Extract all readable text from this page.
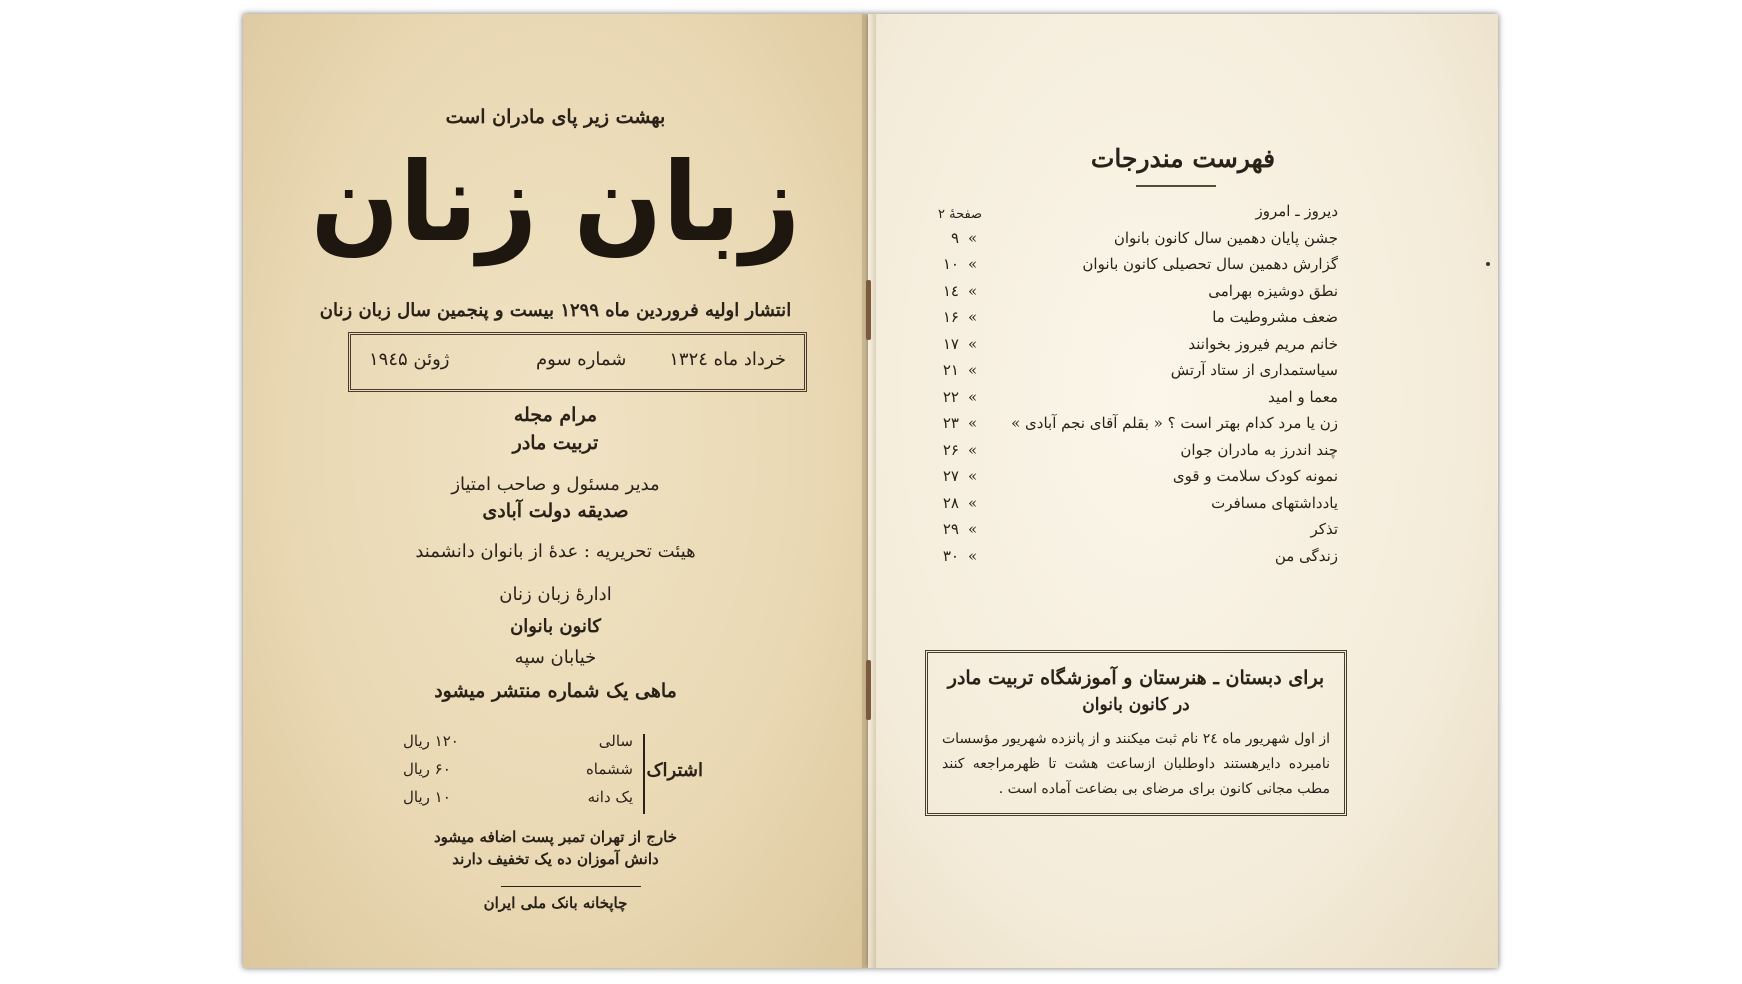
بهشت زیر پای مادران است
زبان زنان
انتشار اولیه فروردین ماه ۱۲۹۹ بیست و پنجمین سال زبان زنان
خرداد ماه ۱۳۲٤
شماره سوم
ژوئن ۱۹٤۵
مرام مجله
تربیت مادر
مدیر مسئول و صاحب امتیاز
صدیقه دولت آبادی
هیئت تحریریه : عدهٔ از بانوان دانشمند
ادارهٔ زبان زنان
کانون بانوان
خیابان سپه
ماهی یک شماره منتشر میشود
اشتراک
سالی
۱۲۰ ریال
ششماه
۶۰ ریال
یک دانه
۱۰ ریال
خارج از تهران تمبر پست اضافه میشود
دانش آموزان ده یک تخفیف دارند
چاپخانه بانک ملی ایران
فهرست مندرجات
صفحهٔ ۲	دیروز ـ امروز
جشن پایان دهمین سال کانون بانوان
»
۹
گزارش دهمین سال تحصیلی کانون بانوان
»
۱۰
نطق دوشیزه بهرامی
»
۱٤
ضعف مشروطیت ما
»
۱۶
خانم مریم فیروز بخوانند
»
۱۷
سیاستمداری از ستاد آرتش
»
۲۱
معما و امید
»
۲۲
زن یا مرد کدام بهتر است ؟ « بقلم آقای نجم آبادی »
»
۲۳
چند اندرز به مادران جوان
»
۲۶
نمونه کودک سلامت و قوی
»
۲۷
یادداشتهای مسافرت
»
۲۸
تذکر
»
۲۹
زندگی من
»
۳۰
برای دبستان ـ هنرستان و آموزشگاه تربیت مادر
در کانون بانوان
از اول شهریور ماه ۲٤ نام ثبت میکنند و از پانزده شهریور مؤسسات نامبرده دایرهستند داوطلبان ازساعت هشت تا ظهرمراجعه کنند مطب مجانی کانون برای مرضای بی بضاعت آماده است .
